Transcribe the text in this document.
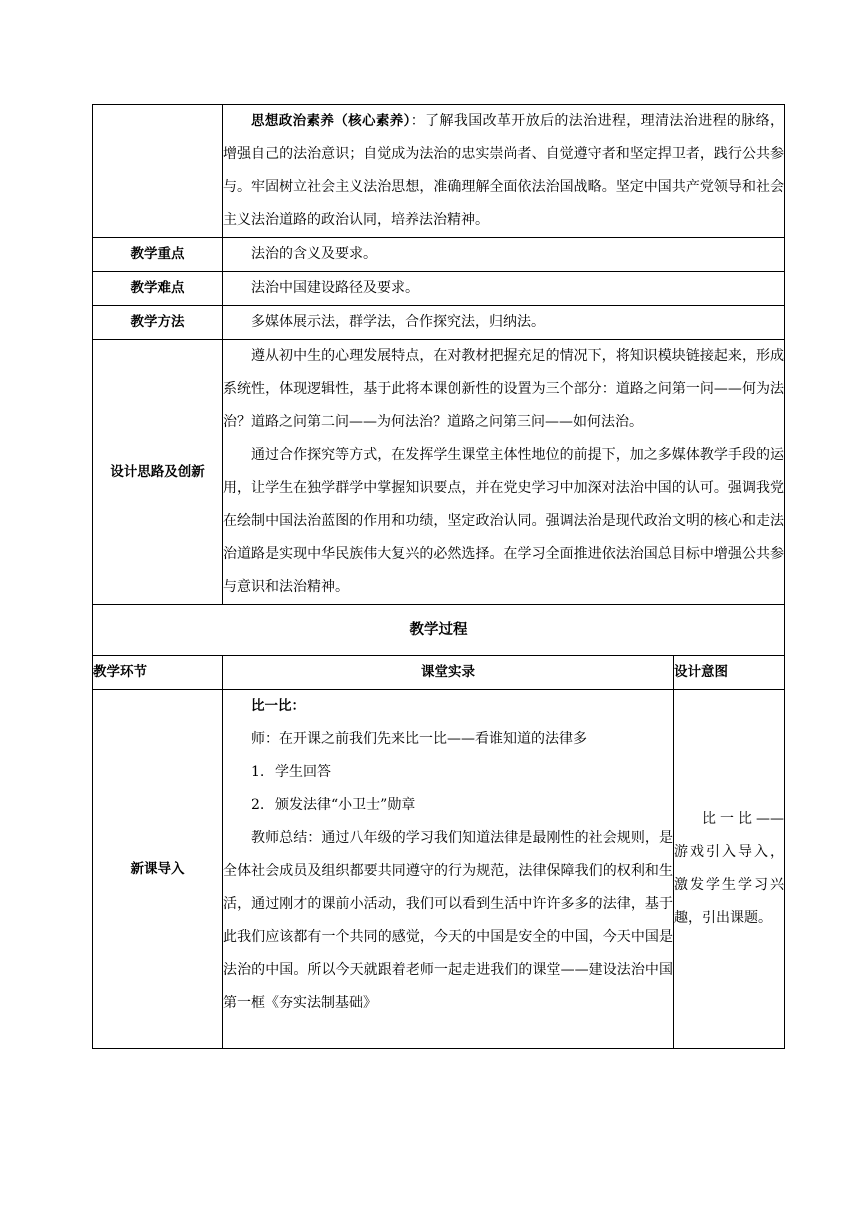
	思想政治素养（核心素养）：了解我国改革开放后的法治进程，理清法治进程的脉络，增强自己的法治意识；自觉成为法治的忠实崇尚者、自觉遵守者和坚定捍卫者，践行公共参与。牢固树立社会主义法治思想，准确理解全面依法治国战略。坚定中国共产党领导和社会主义法治道路的政治认同，培养法治精神。	

教学重点	法治的含义及要求。	

教学难点	法治中国建设路径及要求。	

教学方法	多媒体展示法，群学法，合作探究法，归纳法。	

设计思路及创新	遵从初中生的心理发展特点，在对教材把握充足的情况下，将知识模块链接起来，形成系统性，体现逻辑性，基于此将本课创新性的设置为三个部分：道路之问第一问——何为法治？道路之问第二问——为何法治？道路之问第三问——如何法治。

通过合作探究等方式，在发挥学生课堂主体性地位的前提下，加之多媒体教学手段的运用，让学生在独学群学中掌握知识要点，并在党史学习中加深对法治中国的认可。强调我党在绘制中国法治蓝图的作用和功绩，坚定政治认同。强调法治是现代政治文明的核心和走法治道路是实现中华民族伟大复兴的必然选择。在学习全面推进依法治国总目标中增强公共参与意识和法治精神。	

教学过程		
教学环节	课堂实录	设计意图
新课导入	比一比：

师：在开课之前我们先来比一比——看谁知道的法律多

1. 学生回答

2. 颁发法律“小卫士”勋章

教师总结：通过八年级的学习我们知道法律是最刚性的社会规则，是全体社会成员及组织都要共同遵守的行为规范，法律保障我们的权利和生活，通过刚才的课前小活动，我们可以看到生活中许许多多的法律，基于此我们应该都有一个共同的感觉，今天的中国是安全的中国，今天中国是法治的中国。所以今天就跟着老师一起走进我们的课堂——建设法治中国第一框《夯实法制基础》	比一比——游戏引入导入，激发学生学习兴趣，引出课题。
